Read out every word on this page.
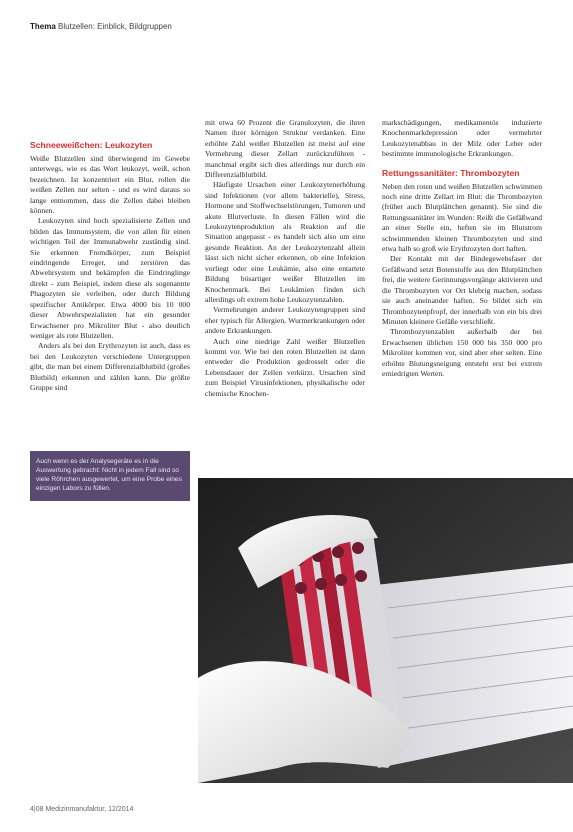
Thema Blutzellen: Einblick, Bildgruppen
Schneeweißchen: Leukozyten

Weiße Blutzellen sind überwiegend im Gewebe unterwegs, wie es das Wort leukozyt, weiß, schon bezeichnen. Ist konzentriert ein Blut, rollen die weißen Zellen nur selten - und es wird daraus so lange entnommen, dass die Zellen dabei bleiben können.

Leukozyten sind hoch spezialisierte Zellen und bilden das Immunsystem, die von allen für einen wichtigen Teil der Immunabwehr zuständig sind. Sie erkennen Fremdkörper, zum Beispiel eindringende Erreger, und zerstören das Abwehrsystem und bekämpfen die Eindringlinge direkt - zum Beispiel, indem diese als sogenannte Phagozyten sie verleiben, oder durch Bildung spezifischer Antikörper. Etwa 4000 bis 10 000 dieser Abwehrspezialisten hat ein gesunder Erwachsener pro Mikroliter Blut - also deutlich weniger als rote Blutzellen.

Anders als bei den Erythrozyten ist auch, dass es bei den Leukozyten verschiedene Untergruppen gibt, die man bei einem Differenzialblutbild (großes Blutbild) erkennen und zählen kann. Die größte Gruppe sind

mit etwa 60 Prozent die Granulozyten, die ihren Namen ihrer körnigen Struktur verdanken. Eine erhöhte Zahl weißer Blutzellen ist meist auf eine Vermehrung dieser Zellart zurückzuführen - manchmal ergibt sich dies allerdings nur durch ein Differenzialblutbild.

Häufigste Ursachen einer Leukozytenerhöhung sind Infektionen (vor allem bakterielle), Stress, Hormone und Stoffwechselstörungen, Tumoren und akute Blutverluste. In diesen Fällen wird die Leukozytenproduktion als Reaktion auf die Situation angepasst - es handelt sich also um eine gesunde Reaktion. An der Leukozytenzahl allein lässt sich nicht sicher erkennen, ob eine Infektion vorliegt oder eine Leukämie, also eine entartete Bildung bösartiger weißer Blutzellen im Knochenmark. Bei Leukämien finden sich allerdings oft extrem hohe Leukozytenzahlen.

Vermehrungen anderer Leukozytengruppen sind eher typisch für Allergien, Wurmerkrankungen oder andere Erkrankungen.

Auch eine niedrige Zahl weißer Blutzellen kommt vor. Wie bei den roten Blutzellen ist dann entweder die Produktion gedrosselt oder die Lebensdauer der Zellen verkürzt. Ursachen sind zum Beispiel Virusinfektionen, physikalische oder chemische Knochen-

markschädigungen, medikamentös induzierte Knochenmarkdepression oder vermehrter Leukozytenabbau in der Milz oder Leber oder bestimmte immunologische Erkrankungen.

Rettungssanitäter: Thrombozyten

Neben den roten und weißen Blutzellen schwimmen noch eine dritte Zellart im Blut: die Thrombozyten (früher auch Blutplättchen genannt). Sie sind die Rettungssanitäter im Wunden: Reißt die Gefäßwand an einer Stelle ein, heften sie im Blutstrom schwimmenden kleinen Thrombozyten und sind etwa halb so groß wie Erythrozyten dort haften.

Der Kontakt mit der Bindegewebsfaser der Gefäßwand setzt Botenstoffe aus den Blutplättchen frei, die weitere Gerinnungsvorgänge aktivieren und die Thrombozyten vor Ort klebrig machen, sodass sie auch aneinander haften. So bildet sich ein Thrombozytenpfropf, der innerhalb von ein bis drei Minuten kleinere Gefäße verschließt.

Thrombozytenzahlen außerhalb der bei Erwachsenen üblichen 150 000 bis 350 000 pro Mikroliter kommen vor, sind aber eher selten. Eine erhöhte Blutungsneigung entsteht erst bei extrem erniedrigten Werten.

Auch wenn es der Analysegeräte es in die Auswertung gebracht: Nicht in jedem Fall sind so viele Röhrchen ausgewertet, um eine Probe eines einzigen Labors zu füllen.
4|08 Medizinmanufaktur, 12/2014
